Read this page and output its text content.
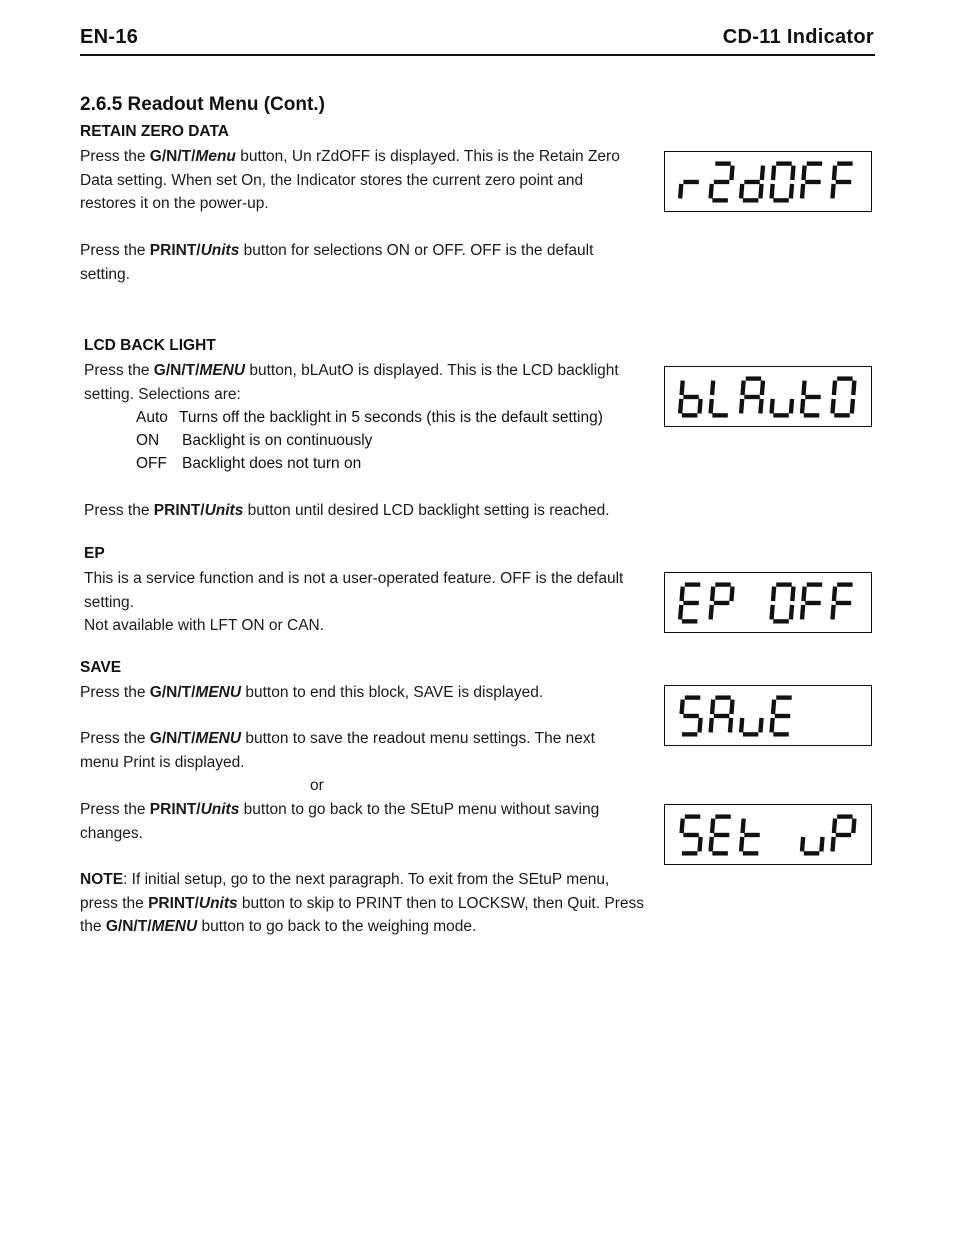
EN-16	CD-11 Indicator
2.6.5 Readout Menu (Cont.)
RETAIN ZERO DATA
Press the G/N/T/Menu button, Un rZdOFF is displayed. This is the Retain Zero Data setting. When set On, the Indicator stores the current zero point and restores it on the power-up.
Press the PRINT/Units button for selections ON or OFF. OFF is the default setting.
LCD BACK LIGHT
Press the G/N/T/MENU button, bLAutO is displayed. This is the LCD backlight setting. Selections are:
Auto Turns off the backlight in 5 seconds (this is the default setting)
ON Backlight is on continuously
OFF Backlight does not turn on
Press the PRINT/Units button until desired LCD backlight setting is reached.
EP
This is a service function and is not a user-operated feature. OFF is the default setting.
Not available with LFT ON or CAN.
SAVE
Press the G/N/T/MENU button to end this block, SAVE is displayed.
Press the G/N/T/MENU button to save the readout menu settings. The next menu Print is displayed.
or
Press the PRINT/Units button to go back to the SEtuP menu without saving changes.
NOTE: If initial setup, go to the next paragraph. To exit from the SEtuP menu, press the PRINT/Units button to skip to PRINT then to LOCKSW, then Quit. Press the G/N/T/MENU button to go back to the weighing mode.
